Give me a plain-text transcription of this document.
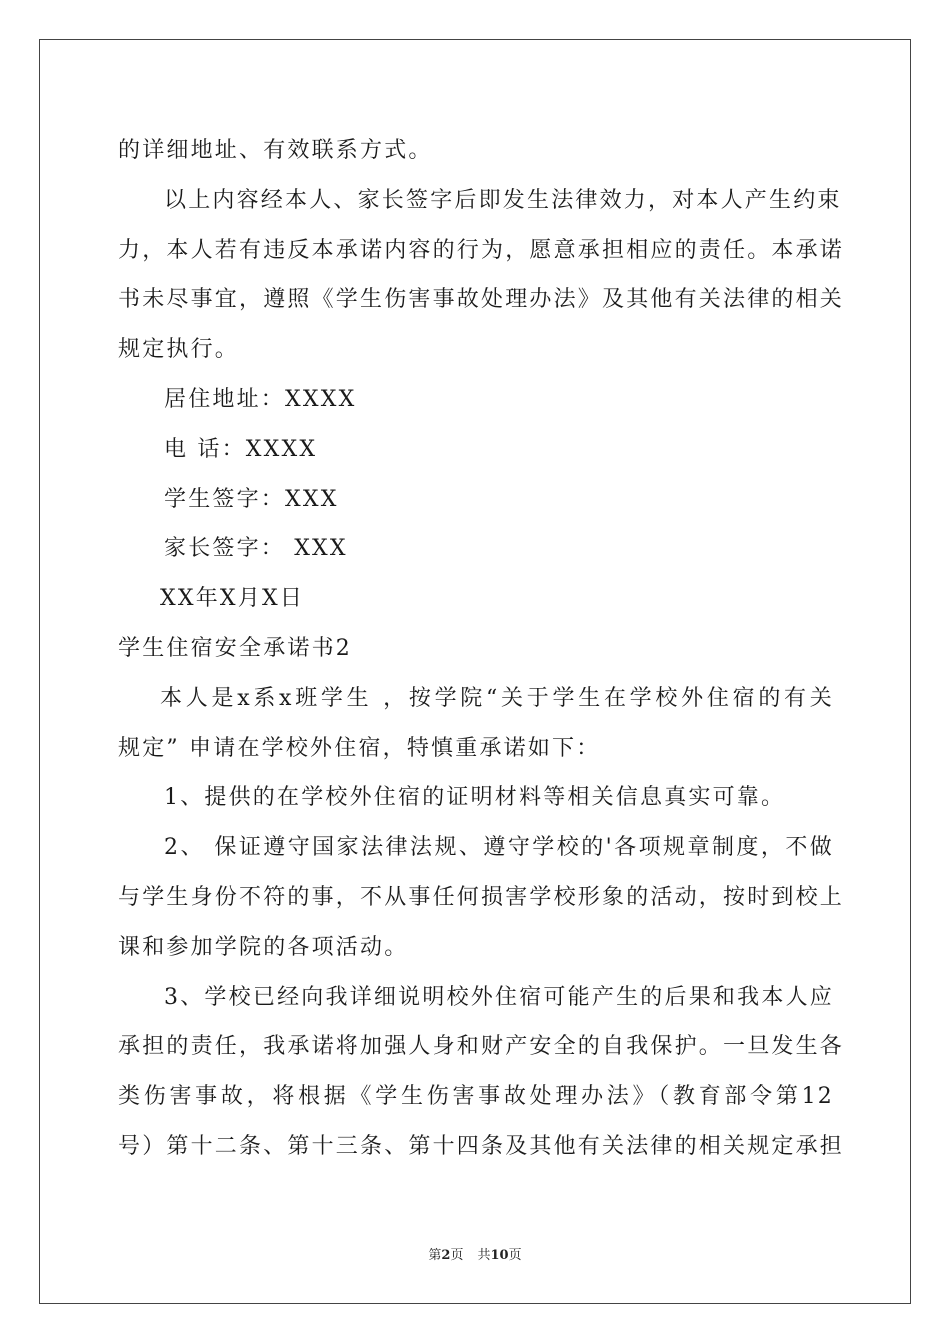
的详细地址、有效联系方式。
以上内容经本人、家长签字后即发生法律效力，对本人产生约束
力，本人若有违反本承诺内容的行为，愿意承担相应的责任。本承诺
书未尽事宜，遵照《学生伤害事故处理办法》及其他有关法律的相关
规定执行。
居住地址：XXXX
电 话：XXXX
学生签字：XXX
家长签字： XXX
XX年X月X日
学生住宿安全承诺书2
本人是x系x班学生 ，按学院“关于学生在学校外住宿的有关
规定” 申请在学校外住宿，特慎重承诺如下：
1、提供的在学校外住宿的证明材料等相关信息真实可靠。
2、 保证遵守国家法律法规、遵守学校的'各项规章制度，不做
与学生身份不符的事，不从事任何损害学校形象的活动，按时到校上
课和参加学院的各项活动。
3、学校已经向我详细说明校外住宿可能产生的后果和我本人应
承担的责任，我承诺将加强人身和财产安全的自我保护。一旦发生各
类伤害事故，将根据《学生伤害事故处理办法》（教育部令第12
号）第十二条、第十三条、第十四条及其他有关法律的相关规定承担
第2页 共10页
